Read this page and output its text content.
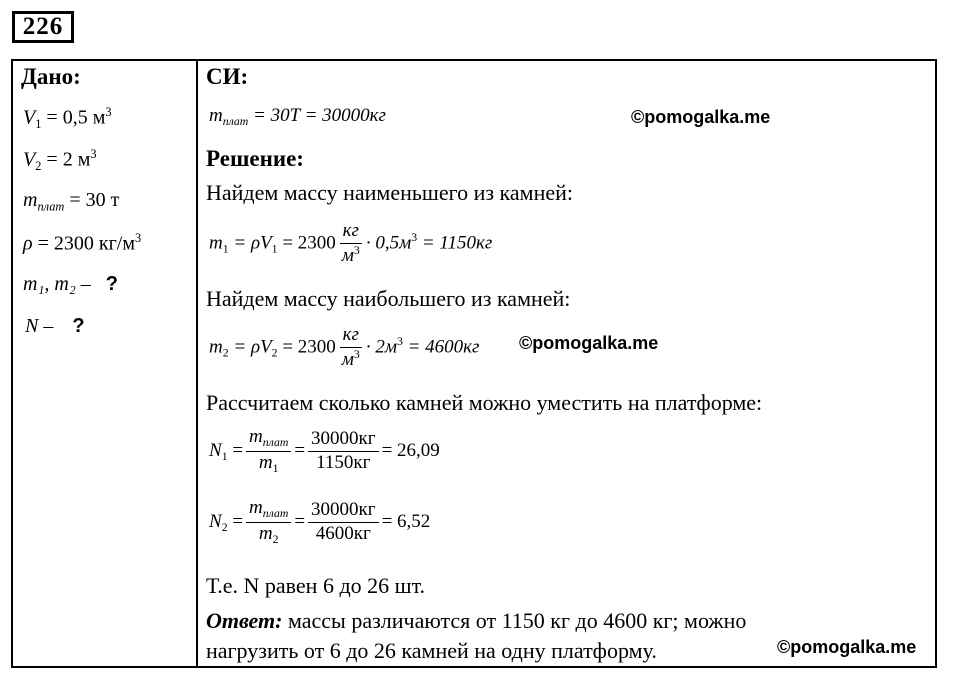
226
Дано:
$V_1 = 0,5$ $м^3$
$V_2 = 2$ $м^3$
$m_{плат} = 30$ т
ρ = 2300 $кг/м^3$
m₁, m₂ – ?
N – ?
СИ:
$m_{плат} = 30T = 30000кг$	©pomogalka.me
Решение:
Найдем массу наименьшего из камней:
$m_1 = \rho V_1 = 2300 \frac{кг}{м^3} \cdot 0,5м^3 = 1150кг$
Найдем массу наибольшего из камней:
$m_2 = \rho V_2 = 2300 \frac{кг}{м^3} \cdot 2м^3 = 4600кг$ ©pomogalka.me
Рассчитаем сколько камней можно уместить на платформе:
$N_1 = \frac{m_{плат}}{m_1} = \frac{30000кг}{1150кг} = 26,09$
$N_2 = \frac{m_{плат}}{m_2} = \frac{30000кг}{4600кг} = 6,52$
Т.е. N равен 6 до 26 шт.
Ответ: массы различаются от 1150 кг до 4600 кг; можно
нагрузить от 6 до 26 камней на одну платформу.	©pomogalka.me
